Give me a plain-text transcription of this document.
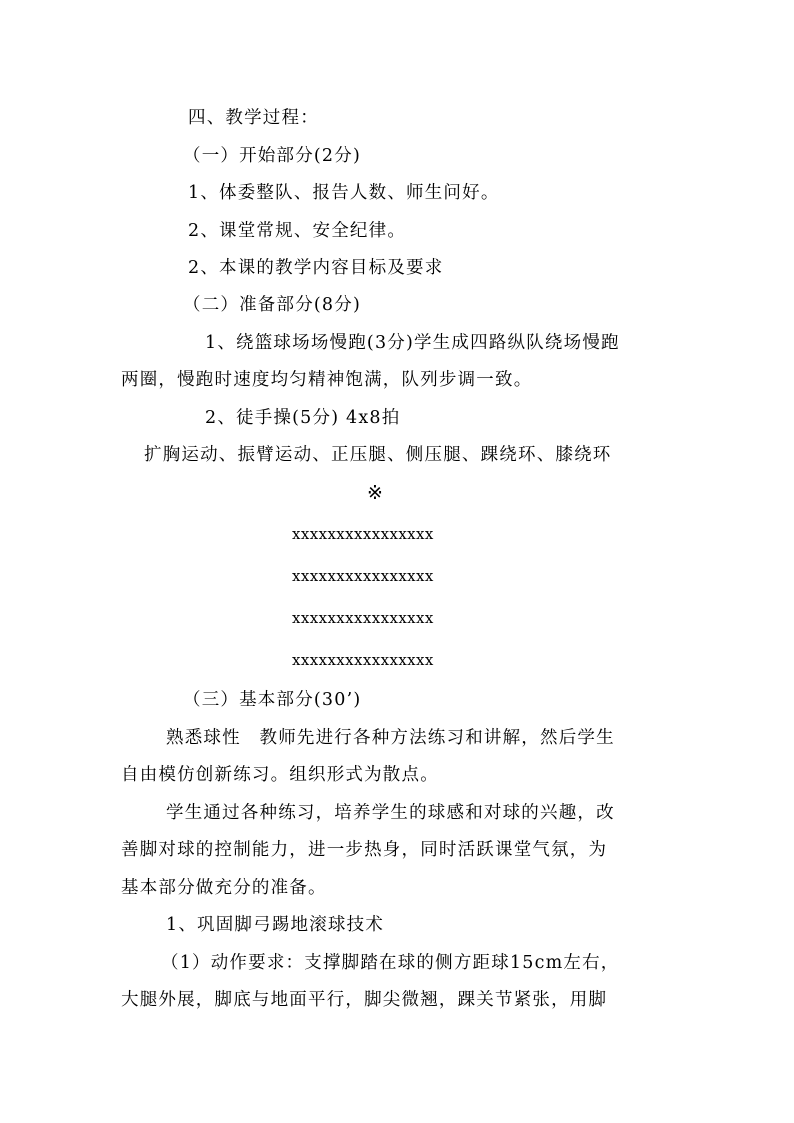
四、教学过程：
（一）开始部分(2分)
1、体委整队、报告人数、师生问好。
2、课堂常规、安全纪律。
2、本课的教学内容目标及要求
（二）准备部分(8分)
1、绕篮球场场慢跑(3分)学生成四路纵队绕场慢跑
两圈，慢跑时速度均匀精神饱满，队列步调一致。
2、徒手操(5分) 4x8拍
扩胸运动、振臂运动、正压腿、侧压腿、踝绕环、膝绕环
※
xxxxxxxxxxxxxxxx
xxxxxxxxxxxxxxxx
xxxxxxxxxxxxxxxx
xxxxxxxxxxxxxxxx
（三）基本部分(30’)
熟悉球性　教师先进行各种方法练习和讲解，然后学生
自由模仿创新练习。组织形式为散点。
学生通过各种练习，培养学生的球感和对球的兴趣，改
善脚对球的控制能力，进一步热身，同时活跃课堂气氛，为
基本部分做充分的准备。
1、巩固脚弓踢地滚球技术
（1）动作要求：支撑脚踏在球的侧方距球15cm左右，
大腿外展，脚底与地面平行，脚尖微翘，踝关节紧张，用脚
